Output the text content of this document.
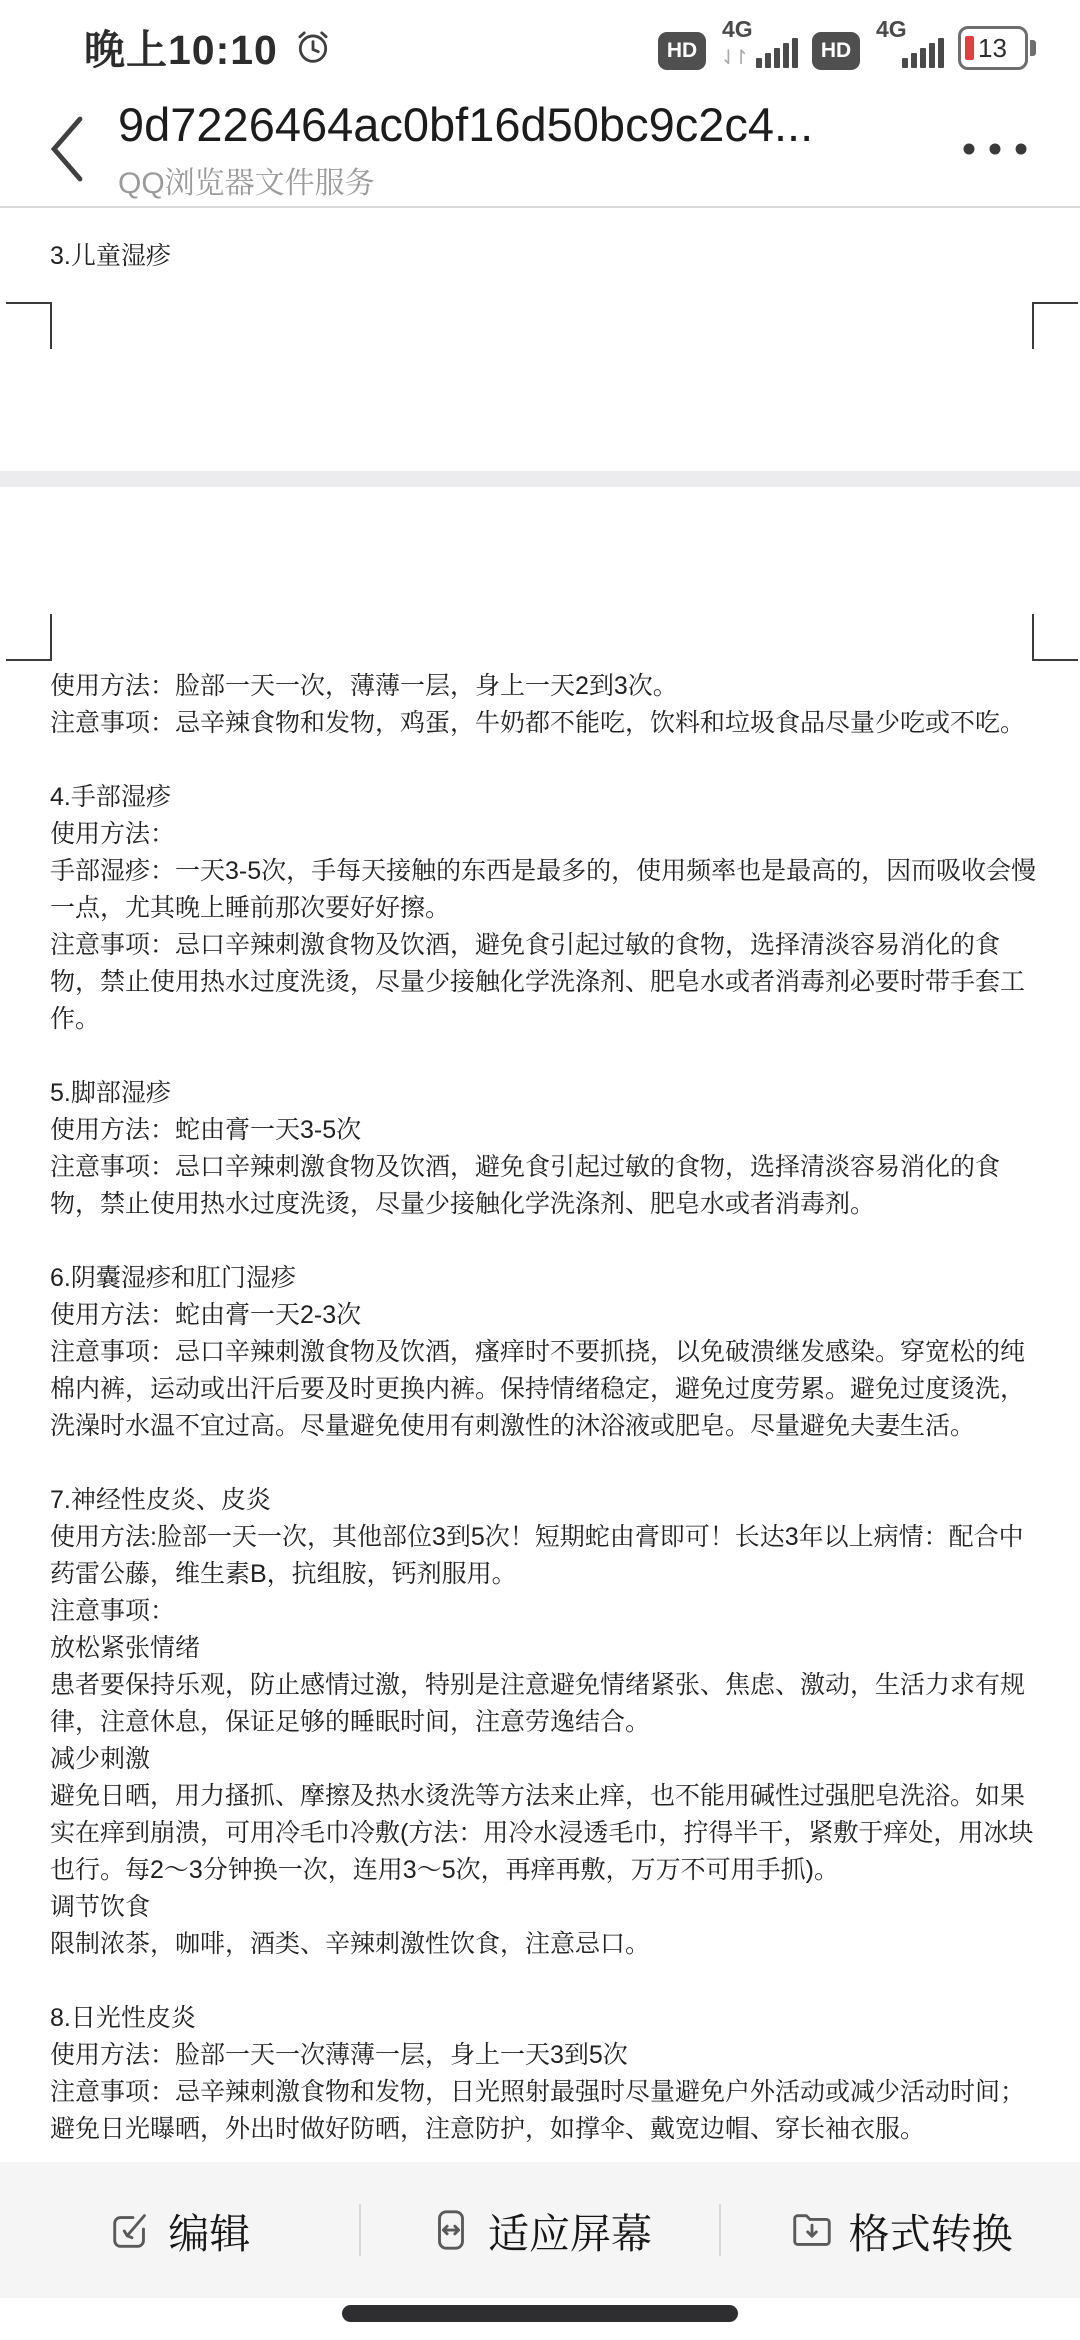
晚上10:10	HD
4G
⇃↾	HD
4G
13
9d7226464ac0bf16d50bc9c2c4...
QQ浏览器文件服务
3.儿童湿疹

使用方法：脸部一天一次，薄薄一层，身上一天2到3次。

注意事项：忌辛辣食物和发物，鸡蛋，牛奶都不能吃，饮料和垃圾食品尽量少吃或不吃。

4.手部湿疹

使用方法：

手部湿疹：一天3-5次，手每天接触的东西是最多的，使用频率也是最高的，因而吸收会慢一点，尤其晚上睡前那次要好好擦。

注意事项：忌口辛辣刺激食物及饮酒，避免食引起过敏的食物，选择清淡容易消化的食物，禁止使用热水过度洗烫，尽量少接触化学洗涤剂、肥皂水或者消毒剂必要时带手套工作。

5.脚部湿疹

使用方法：蛇由膏一天3-5次

注意事项：忌口辛辣刺激食物及饮酒，避免食引起过敏的食物，选择清淡容易消化的食物，禁止使用热水过度洗烫，尽量少接触化学洗涤剂、肥皂水或者消毒剂。

6.阴囊湿疹和肛门湿疹

使用方法：蛇由膏一天2-3次

注意事项：忌口辛辣刺激食物及饮酒，瘙痒时不要抓挠，以免破溃继发感染。穿宽松的纯棉内裤，运动或出汗后要及时更换内裤。保持情绪稳定，避免过度劳累。避免过度烫洗，洗澡时水温不宜过高。尽量避免使用有刺激性的沐浴液或肥皂。尽量避免夫妻生活。

7.神经性皮炎、皮炎

使用方法:脸部一天一次，其他部位3到5次！短期蛇由膏即可！长达3年以上病情：配合中药雷公藤，维生素B，抗组胺，钙剂服用。

注意事项：

放松紧张情绪

患者要保持乐观，防止感情过激，特别是注意避免情绪紧张、焦虑、激动，生活力求有规律，注意休息，保证足够的睡眠时间，注意劳逸结合。

减少刺激

避免日晒，用力搔抓、摩擦及热水烫洗等方法来止痒，也不能用碱性过强肥皂洗浴。如果实在痒到崩溃，可用冷毛巾冷敷(方法：用冷水浸透毛巾，拧得半干，紧敷于痒处，用冰块也行。每2～3分钟换一次，连用3～5次，再痒再敷，万万不可用手抓)。

调节饮食

限制浓茶，咖啡，酒类、辛辣刺激性饮食，注意忌口。

8.日光性皮炎

使用方法：脸部一天一次薄薄一层，身上一天3到5次

注意事项：忌辛辣刺激食物和发物，日光照射最强时尽量避免户外活动或减少活动时间；避免日光曝晒，外出时做好防晒，注意防护，如撑伞、戴宽边帽、穿长袖衣服。

编辑	适应屏幕	格式转换
